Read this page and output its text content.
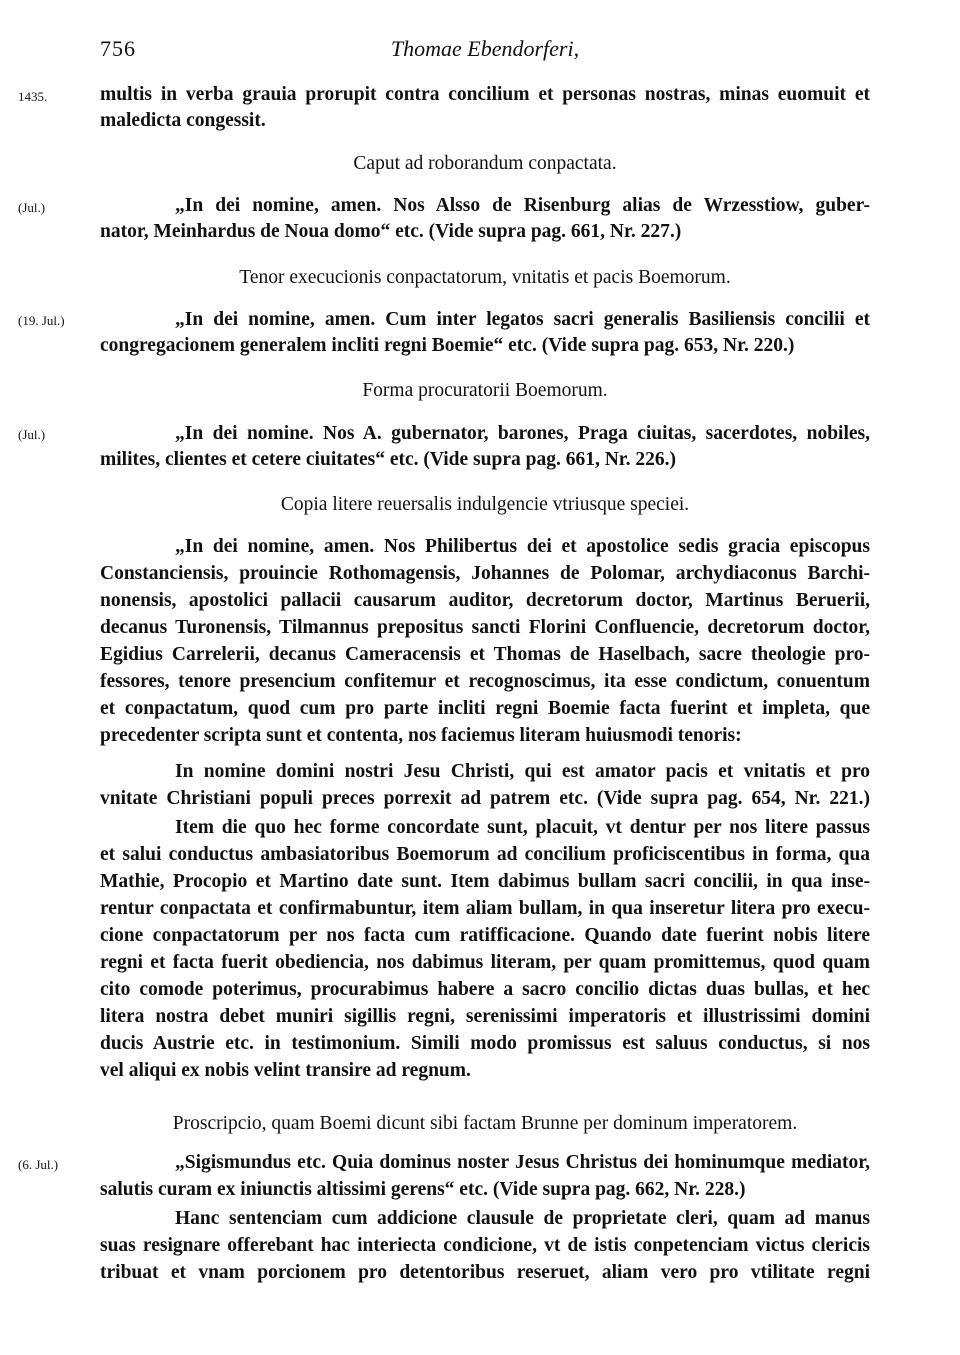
756	Thomae Ebendorferi,
1435.
(Jul.)
(19. Jul.)
(Jul.)
(6. Jul.)
multis in verba grauia prorupit contra concilium et personas nostras, minas euomuit et
maledicta congessit.
Caput ad roborandum conpactata.
„In dei nomine, amen. Nos Alsso de Risenburg alias de Wrzesstiow, guber-
nator, Meinhardus de Noua domo“ etc. (Vide supra pag. 661, Nr. 227.)
Tenor execucionis conpactatorum, vnitatis et pacis Boemorum.
„In dei nomine, amen. Cum inter legatos sacri generalis Basiliensis concilii et
congregacionem generalem incliti regni Boemie“ etc. (Vide supra pag. 653, Nr. 220.)
Forma procuratorii Boemorum.
„In dei nomine. Nos A. gubernator, barones, Praga ciuitas, sacerdotes, nobiles,
milites, clientes et cetere ciuitates“ etc. (Vide supra pag. 661, Nr. 226.)
Copia litere reuersalis indulgencie vtriusque speciei.
„In dei nomine, amen. Nos Philibertus dei et apostolice sedis gracia episcopus
Constanciensis, prouincie Rothomagensis, Johannes de Polomar, archydiaconus Barchi-
nonensis, apostolici pallacii causarum auditor, decretorum doctor, Martinus Beruerii,
decanus Turonensis, Tilmannus prepositus sancti Florini Confluencie, decretorum doctor,
Egidius Carrelerii, decanus Cameracensis et Thomas de Haselbach, sacre theologie pro-
fessores, tenore presencium confitemur et recognoscimus, ita esse condictum, conuentum
et conpactatum, quod cum pro parte incliti regni Boemie facta fuerint et impleta, que
precedenter scripta sunt et contenta, nos faciemus literam huiusmodi tenoris:
In nomine domini nostri Jesu Christi, qui est amator pacis et vnitatis et pro
vnitate Christiani populi preces porrexit ad patrem etc. (Vide supra pag. 654, Nr. 221.)
Item die quo hec forme concordate sunt, placuit, vt dentur per nos litere passus
et salui conductus ambasiatoribus Boemorum ad concilium proficiscentibus in forma, qua
Mathie, Procopio et Martino date sunt. Item dabimus bullam sacri concilii, in qua inse-
rentur conpactata et confirmabuntur, item aliam bullam, in qua inseretur litera pro execu-
cione conpactatorum per nos facta cum ratifficacione. Quando date fuerint nobis litere
regni et facta fuerit obediencia, nos dabimus literam, per quam promittemus, quod quam
cito comode poterimus, procurabimus habere a sacro concilio dictas duas bullas, et hec
litera nostra debet muniri sigillis regni, serenissimi imperatoris et illustrissimi domini
ducis Austrie etc. in testimonium. Simili modo promissus est saluus conductus, si nos
vel aliqui ex nobis velint transire ad regnum.
Proscripcio, quam Boemi dicunt sibi factam Brunne per dominum imperatorem.
„Sigismundus etc. Quia dominus noster Jesus Christus dei hominumque mediator,
salutis curam ex iniunctis altissimi gerens“ etc. (Vide supra pag. 662, Nr. 228.)
Hanc sentenciam cum addicione clausule de proprietate cleri, quam ad manus
suas resignare offerebant hac interiecta condicione, vt de istis conpetenciam victus clericis
tribuat et vnam porcionem pro detentoribus reseruet, aliam vero pro vtilitate regni
